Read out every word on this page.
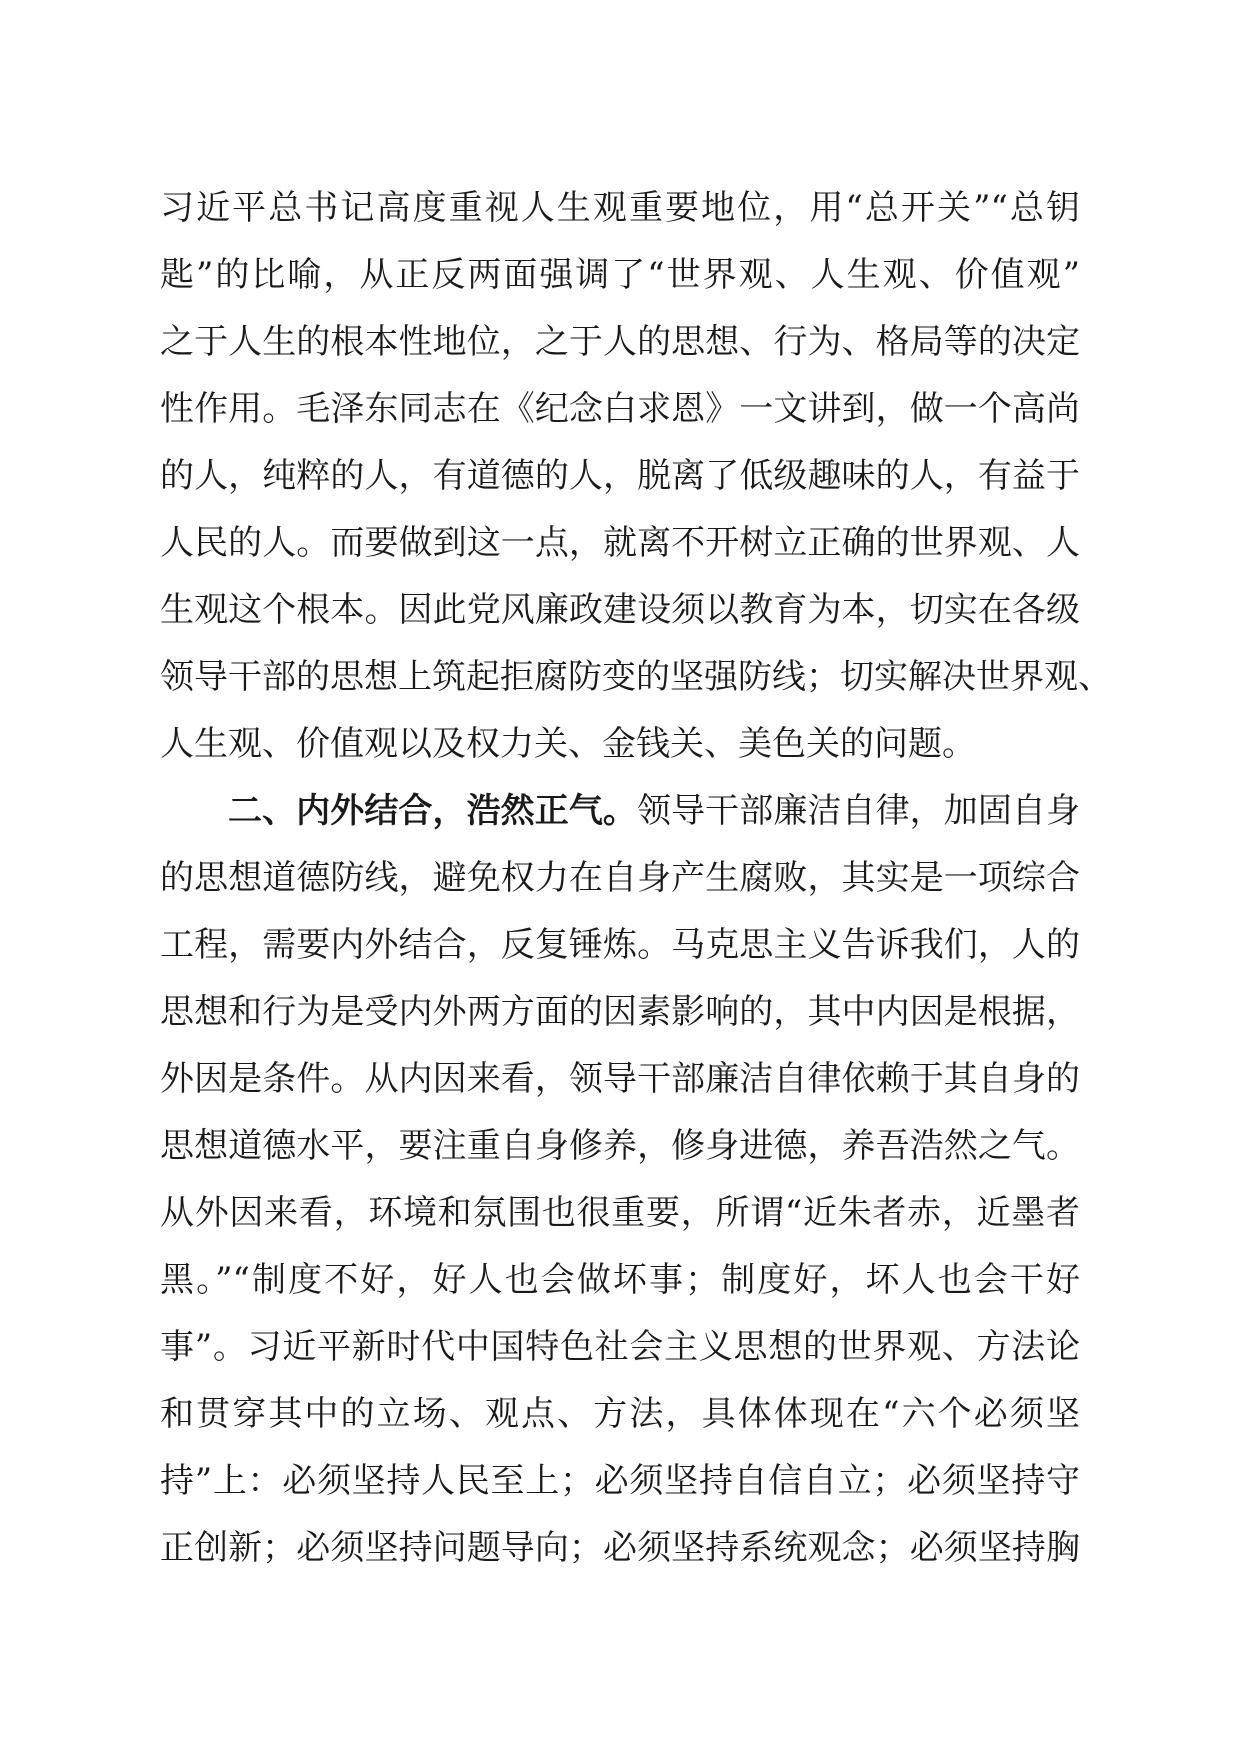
习近平总书记高度重视人生观重要地位，用“总开关”“总钥
匙”的比喻，从正反两面强调了“世界观、人生观、价值观”
之于人生的根本性地位，之于人的思想、行为、格局等的决定
性作用。毛泽东同志在《纪念白求恩》一文讲到，做一个高尚
的人，纯粹的人，有道德的人，脱离了低级趣味的人，有益于
人民的人。而要做到这一点，就离不开树立正确的世界观、人
生观这个根本。因此党风廉政建设须以教育为本，切实在各级
领导干部的思想上筑起拒腐防变的坚强防线；切实解决世界观、
人生观、价值观以及权力关、金钱关、美色关的问题。
二、内外结合，浩然正气。领导干部廉洁自律，加固自身
的思想道德防线，避免权力在自身产生腐败，其实是一项综合
工程，需要内外结合，反复锤炼。马克思主义告诉我们，人的
思想和行为是受内外两方面的因素影响的，其中内因是根据，
外因是条件。从内因来看，领导干部廉洁自律依赖于其自身的
思想道德水平，要注重自身修养，修身进德，养吾浩然之气。
从外因来看，环境和氛围也很重要，所谓“近朱者赤，近墨者
黑。”“制度不好，好人也会做坏事；制度好，坏人也会干好
事”。习近平新时代中国特色社会主义思想的世界观、方法论
和贯穿其中的立场、观点、方法，具体体现在“六个必须坚
持”上：必须坚持人民至上；必须坚持自信自立；必须坚持守
正创新；必须坚持问题导向；必须坚持系统观念；必须坚持胸
